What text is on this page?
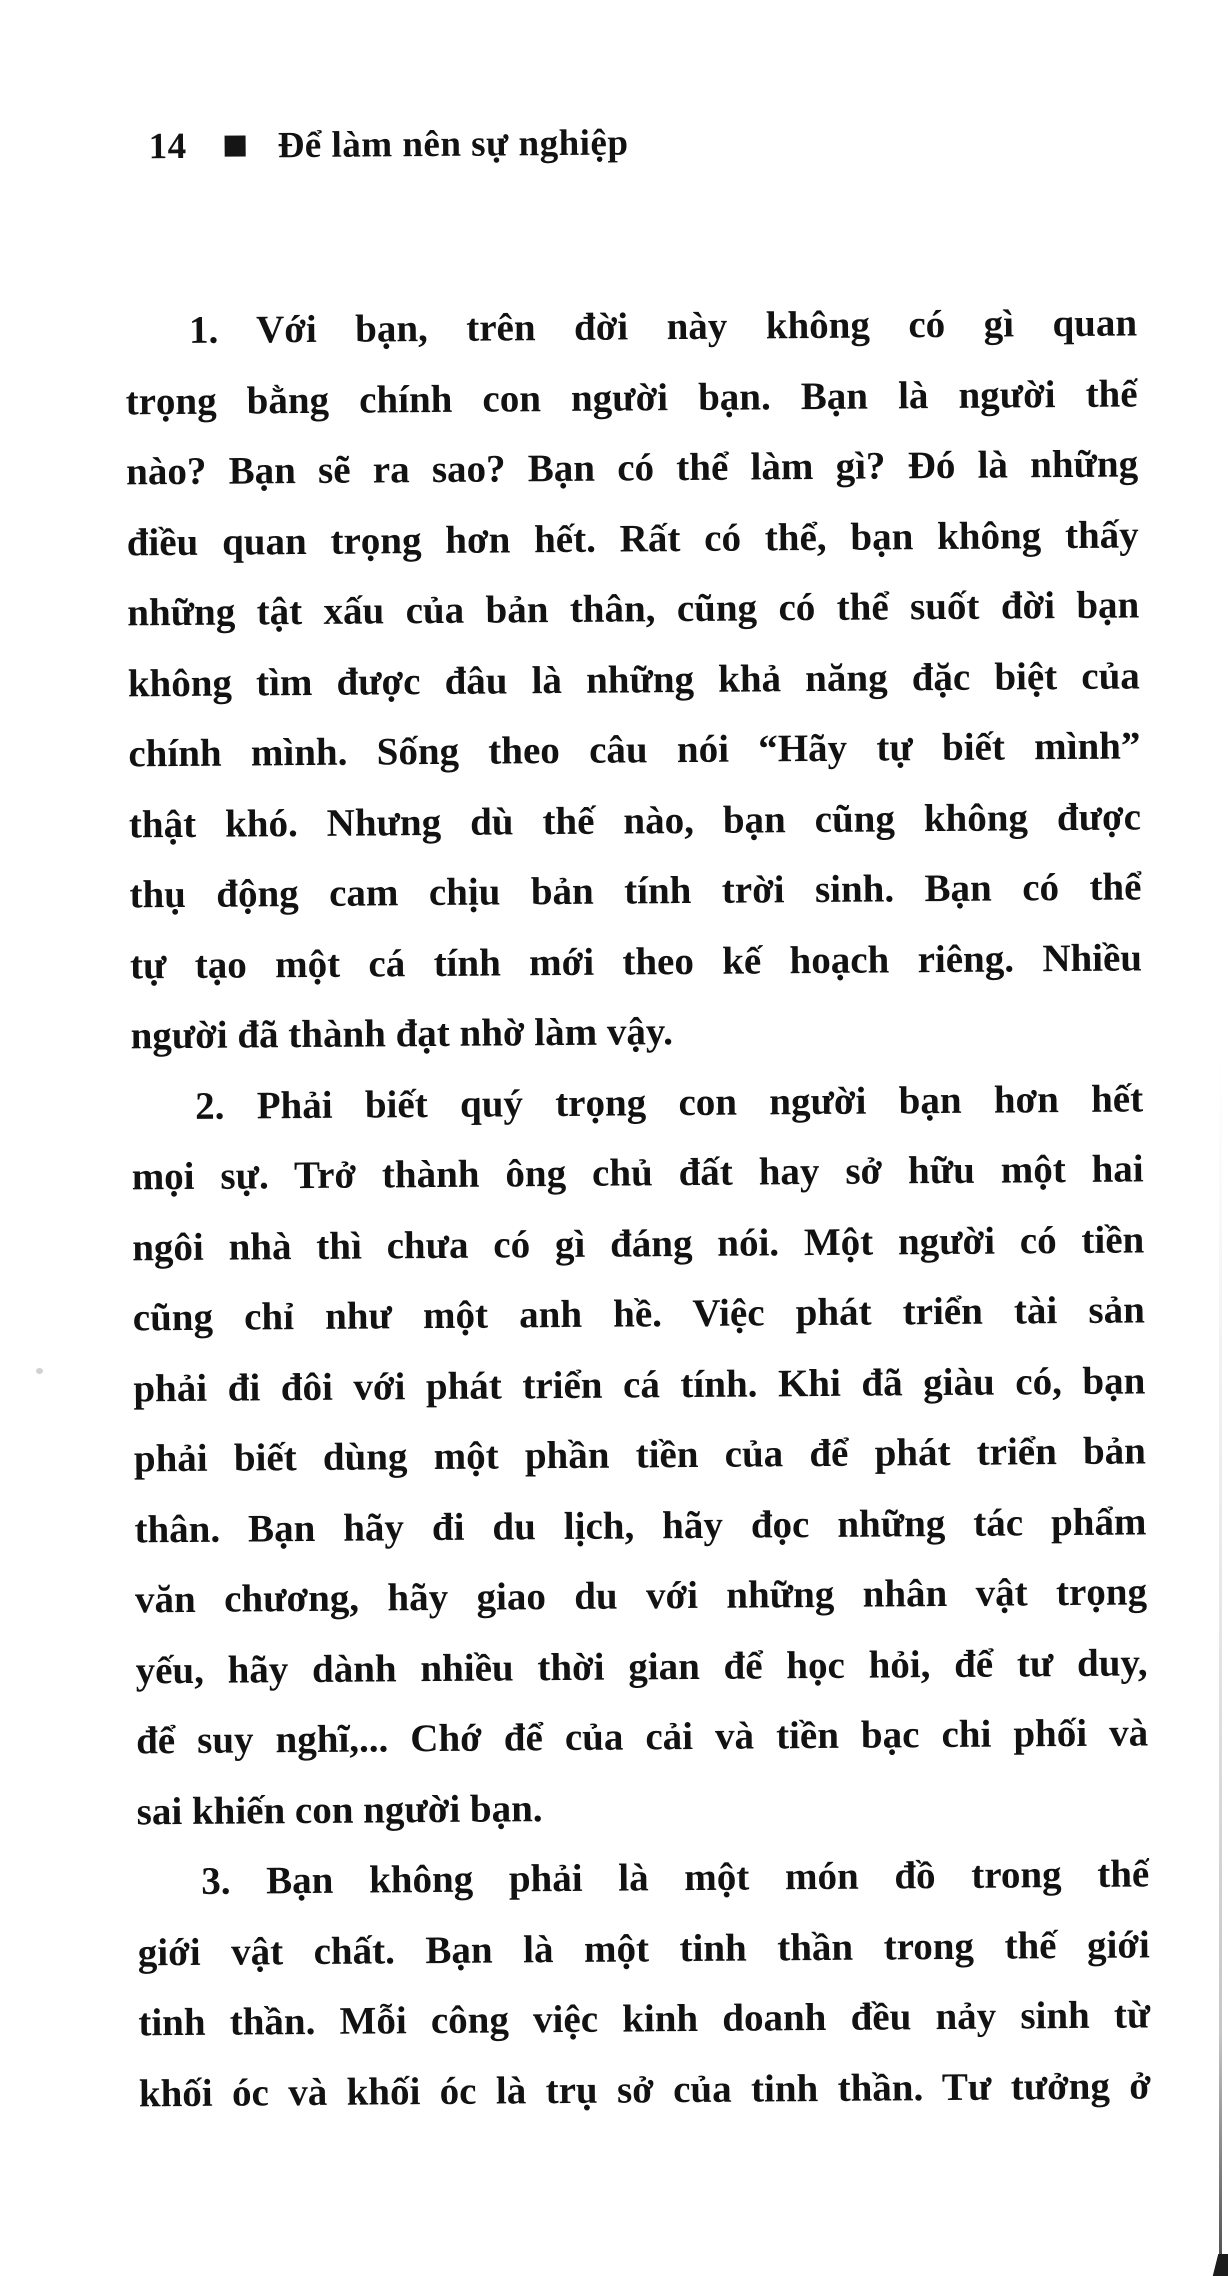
14 Để làm nên sự nghiệp
1. Với bạn, trên đời này không có gì quan
trọng bằng chính con người bạn. Bạn là người thế
nào? Bạn sẽ ra sao? Bạn có thể làm gì? Đó là những
điều quan trọng hơn hết. Rất có thể, bạn không thấy
những tật xấu của bản thân, cũng có thể suốt đời bạn
không tìm được đâu là những khả năng đặc biệt của
chính mình. Sống theo câu nói “Hãy tự biết mình”
thật khó. Nhưng dù thế nào, bạn cũng không được
thụ động cam chịu bản tính trời sinh. Bạn có thể
tự tạo một cá tính mới theo kế hoạch riêng. Nhiều
người đã thành đạt nhờ làm vậy.
2. Phải biết quý trọng con người bạn hơn hết
mọi sự. Trở thành ông chủ đất hay sở hữu một hai
ngôi nhà thì chưa có gì đáng nói. Một người có tiền
cũng chỉ như một anh hề. Việc phát triển tài sản
phải đi đôi với phát triển cá tính. Khi đã giàu có, bạn
phải biết dùng một phần tiền của để phát triển bản
thân. Bạn hãy đi du lịch, hãy đọc những tác phẩm
văn chương, hãy giao du với những nhân vật trọng
yếu, hãy dành nhiều thời gian để học hỏi, để tư duy,
để suy nghĩ,... Chớ để của cải và tiền bạc chi phối và
sai khiến con người bạn.
3. Bạn không phải là một món đồ trong thế
giới vật chất. Bạn là một tinh thần trong thế giới
tinh thần. Mỗi công việc kinh doanh đều nảy sinh từ
khối óc và khối óc là trụ sở của tinh thần. Tư tưởng ở
